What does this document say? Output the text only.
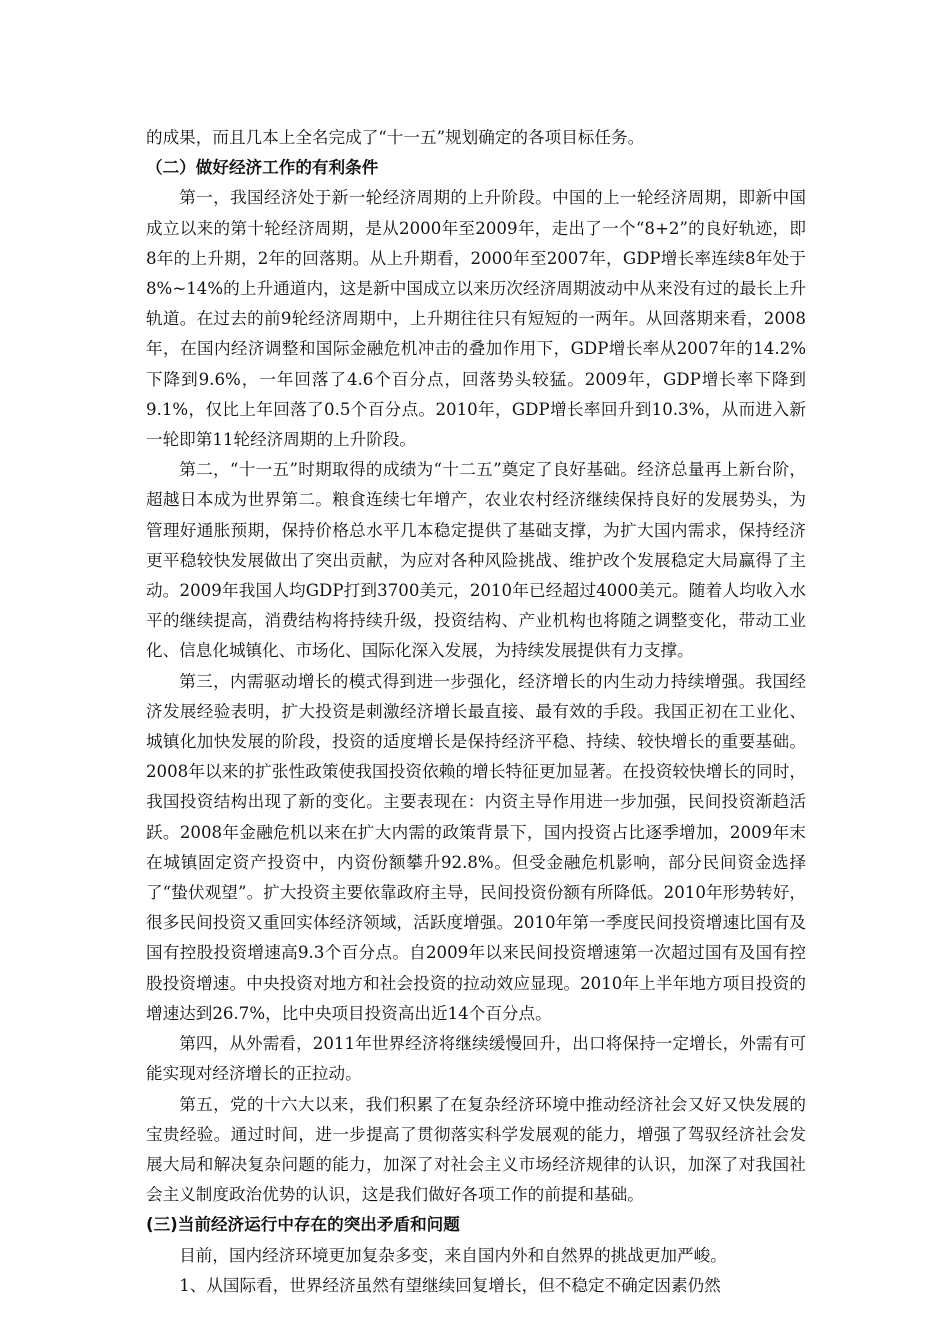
的成果，而且几本上全名完成了“十一五”规划确定的各项目标任务。

（二）做好经济工作的有利条件

第一，我国经济处于新一轮经济周期的上升阶段。中国的上一轮经济周期，即新中国成立以来的第十轮经济周期，是从2000年至2009年，走出了一个“8+2”的良好轨迹，即8年的上升期，2年的回落期。从上升期看，2000年至2007年，GDP增长率连续8年处于8%~14%的上升通道内，这是新中国成立以来历次经济周期波动中从来没有过的最长上升轨道。在过去的前9轮经济周期中，上升期往往只有短短的一两年。从回落期来看，2008年，在国内经济调整和国际金融危机冲击的叠加作用下，GDP增长率从2007年的14.2%下降到9.6%，一年回落了4.6个百分点，回落势头较猛。2009年，GDP增长率下降到9.1%，仅比上年回落了0.5个百分点。2010年，GDP增长率回升到10.3%，从而进入新一轮即第11轮经济周期的上升阶段。

第二，“十一五”时期取得的成绩为“十二五”奠定了良好基础。经济总量再上新台阶，超越日本成为世界第二。粮食连续七年增产，农业农村经济继续保持良好的发展势头，为管理好通胀预期，保持价格总水平几本稳定提供了基础支撑，为扩大国内需求，保持经济更平稳较快发展做出了突出贡献，为应对各种风险挑战、维护改个发展稳定大局赢得了主动。2009年我国人均GDP打到3700美元，2010年已经超过4000美元。随着人均收入水平的继续提高，消费结构将持续升级，投资结构、产业机构也将随之调整变化，带动工业化、信息化城镇化、市场化、国际化深入发展，为持续发展提供有力支撑。

第三，内需驱动增长的模式得到进一步强化，经济增长的内生动力持续增强。我国经济发展经验表明，扩大投资是刺激经济增长最直接、最有效的手段。我国正初在工业化、城镇化加快发展的阶段，投资的适度增长是保持经济平稳、持续、较快增长的重要基础。2008年以来的扩张性政策使我国投资依赖的增长特征更加显著。在投资较快增长的同时，我国投资结构出现了新的变化。主要表现在：内资主导作用进一步加强，民间投资渐趋活跃。2008年金融危机以来在扩大内需的政策背景下，国内投资占比逐季增加，2009年末在城镇固定资产投资中，内资份额攀升92.8%。但受金融危机影响，部分民间资金选择了“蛰伏观望”。扩大投资主要依靠政府主导，民间投资份额有所降低。2010年形势转好，很多民间投资又重回实体经济领域，活跃度增强。2010年第一季度民间投资增速比国有及国有控股投资增速高9.3个百分点。自2009年以来民间投资增速第一次超过国有及国有控股投资增速。中央投资对地方和社会投资的拉动效应显现。2010年上半年地方项目投资的增速达到26.7%，比中央项目投资高出近14个百分点。

第四，从外需看，2011年世界经济将继续缓慢回升，出口将保持一定增长，外需有可能实现对经济增长的正拉动。

第五，党的十六大以来，我们积累了在复杂经济环境中推动经济社会又好又快发展的宝贵经验。通过时间，进一步提高了贯彻落实科学发展观的能力，增强了驾驭经济社会发展大局和解决复杂问题的能力，加深了对社会主义市场经济规律的认识，加深了对我国社会主义制度政治优势的认识，这是我们做好各项工作的前提和基础。

(三)当前经济运行中存在的突出矛盾和问题

目前，国内经济环境更加复杂多变，来自国内外和自然界的挑战更加严峻。

1、从国际看，世界经济虽然有望继续回复增长，但不稳定不确定因素仍然
